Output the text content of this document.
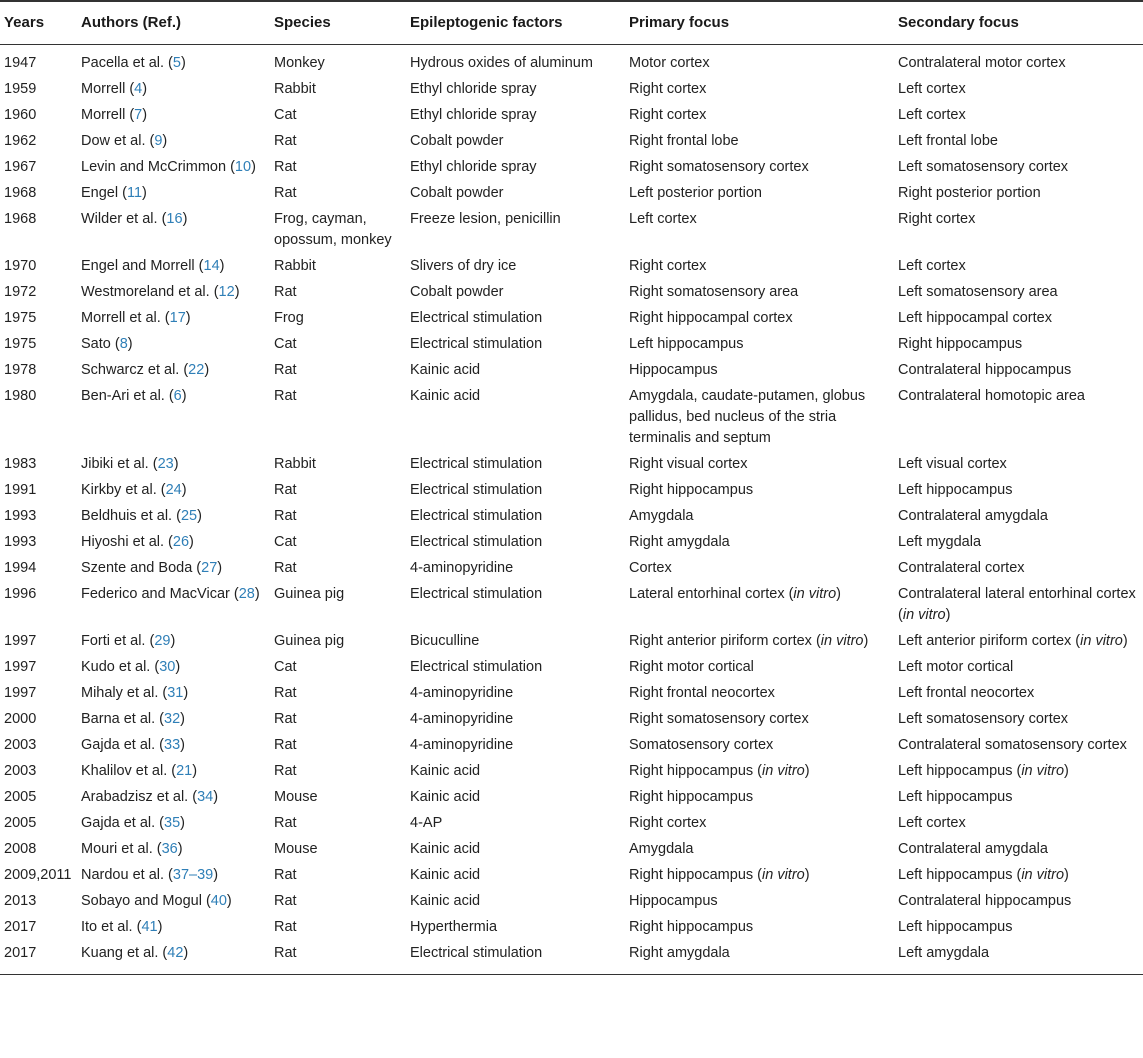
Years	Authors (Ref.)	Species	Epileptogenic factors	Primary focus	Secondary focus
1947	Pacella et al. (5)	Monkey	Hydrous oxides of aluminum	Motor cortex	Contralateral motor cortex
1959	Morrell (4)	Rabbit	Ethyl chloride spray	Right cortex	Left cortex
1960	Morrell (7)	Cat	Ethyl chloride spray	Right cortex	Left cortex
1962	Dow et al. (9)	Rat	Cobalt powder	Right frontal lobe	Left frontal lobe
1967	Levin and McCrimmon (10)	Rat	Ethyl chloride spray	Right somatosensory cortex	Left somatosensory cortex
1968	Engel (11)	Rat	Cobalt powder	Left posterior portion	Right posterior portion
1968	Wilder et al. (16)	Frog, cayman, opossum, monkey	Freeze lesion, penicillin	Left cortex	Right cortex
1970	Engel and Morrell (14)	Rabbit	Slivers of dry ice	Right cortex	Left cortex
1972	Westmoreland et al. (12)	Rat	Cobalt powder	Right somatosensory area	Left somatosensory area
1975	Morrell et al. (17)	Frog	Electrical stimulation	Right hippocampal cortex	Left hippocampal cortex
1975	Sato (8)	Cat	Electrical stimulation	Left hippocampus	Right hippocampus
1978	Schwarcz et al. (22)	Rat	Kainic acid	Hippocampus	Contralateral hippocampus
1980	Ben-Ari et al. (6)	Rat	Kainic acid	Amygdala, caudate-putamen, globus pallidus, bed nucleus of the stria terminalis and septum	Contralateral homotopic area
1983	Jibiki et al. (23)	Rabbit	Electrical stimulation	Right visual cortex	Left visual cortex
1991	Kirkby et al. (24)	Rat	Electrical stimulation	Right hippocampus	Left hippocampus
1993	Beldhuis et al. (25)	Rat	Electrical stimulation	Amygdala	Contralateral amygdala
1993	Hiyoshi et al. (26)	Cat	Electrical stimulation	Right amygdala	Left mygdala
1994	Szente and Boda (27)	Rat	4-aminopyridine	Cortex	Contralateral cortex
1996	Federico and MacVicar (28)	Guinea pig	Electrical stimulation	Lateral entorhinal cortex (in vitro)	Contralateral lateral entorhinal cortex (in vitro)
1997	Forti et al. (29)	Guinea pig	Bicuculline	Right anterior piriform cortex (in vitro)	Left anterior piriform cortex (in vitro)
1997	Kudo et al. (30)	Cat	Electrical stimulation	Right motor cortical	Left motor cortical
1997	Mihaly et al. (31)	Rat	4-aminopyridine	Right frontal neocortex	Left frontal neocortex
2000	Barna et al. (32)	Rat	4-aminopyridine	Right somatosensory cortex	Left somatosensory cortex
2003	Gajda et al. (33)	Rat	4-aminopyridine	Somatosensory cortex	Contralateral somatosensory cortex
2003	Khalilov et al. (21)	Rat	Kainic acid	Right hippocampus (in vitro)	Left hippocampus (in vitro)
2005	Arabadzisz et al. (34)	Mouse	Kainic acid	Right hippocampus	Left hippocampus
2005	Gajda et al. (35)	Rat	4-AP	Right cortex	Left cortex
2008	Mouri et al. (36)	Mouse	Kainic acid	Amygdala	Contralateral amygdala
2009,2011	Nardou et al. (37–39)	Rat	Kainic acid	Right hippocampus (in vitro)	Left hippocampus (in vitro)
2013	Sobayo and Mogul (40)	Rat	Kainic acid	Hippocampus	Contralateral hippocampus
2017	Ito et al. (41)	Rat	Hyperthermia	Right hippocampus	Left hippocampus
2017	Kuang et al. (42)	Rat	Electrical stimulation	Right amygdala	Left amygdala
